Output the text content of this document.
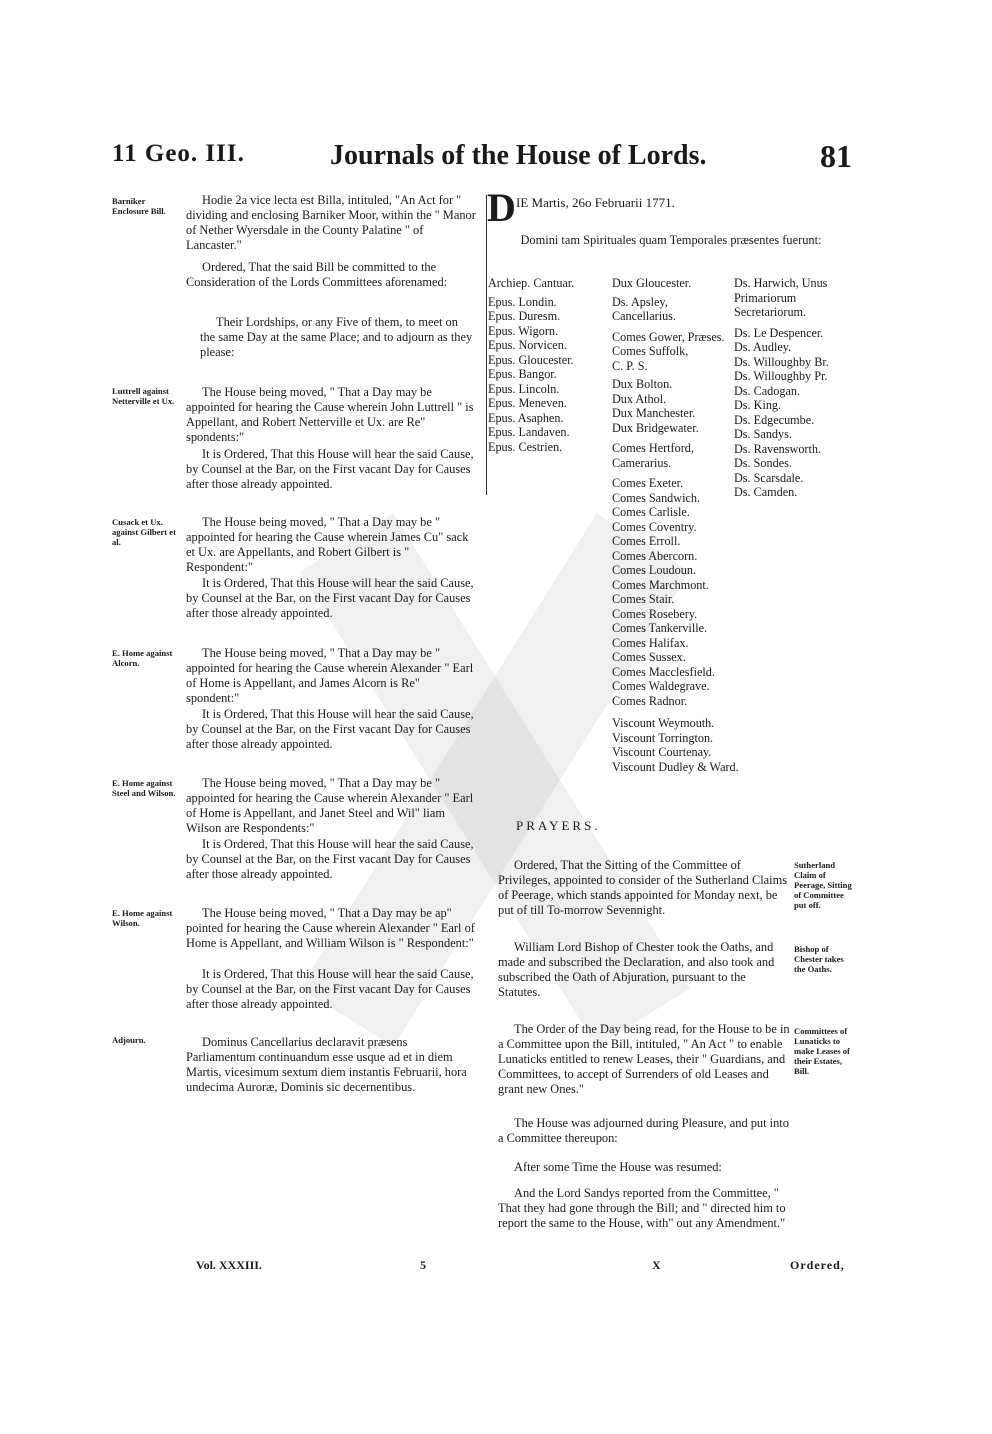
11 Geo. III.	Journals of the House of Lords.	81
Barniker Enclosure Bill.
Luttrell against Netterville et Ux.
Cusack et Ux. against Gilbert et al.
E. Home against Alcorn.
E. Home against Steel and Wilson.
E. Home against Wilson.
Adjourn.
Hodie 2a vice lecta est Billa, intituled, "An Act for " dividing and enclosing Barniker Moor, within the " Manor of Nether Wyersdale in the County Palatine " of Lancaster."
Ordered, That the said Bill be committed to the Consideration of the Lords Committees aforenamed:
Their Lordships, or any Five of them, to meet on the same Day at the same Place; and to adjourn as they please:
The House being moved, " That a Day may be appointed for hearing the Cause wherein John Luttrell " is Appellant, and Robert Netterville et Ux. are Re" spondents:"
It is Ordered, That this House will hear the said Cause, by Counsel at the Bar, on the First vacant Day for Causes after those already appointed.
The House being moved, " That a Day may be " appointed for hearing the Cause wherein James Cu" sack et Ux. are Appellants, and Robert Gilbert is " Respondent:"
It is Ordered, That this House will hear the said Cause, by Counsel at the Bar, on the First vacant Day for Causes after those already appointed.
The House being moved, " That a Day may be " appointed for hearing the Cause wherein Alexander " Earl of Home is Appellant, and James Alcorn is Re" spondent:"
It is Ordered, That this House will hear the said Cause, by Counsel at the Bar, on the First vacant Day for Causes after those already appointed.
The House being moved, " That a Day may be " appointed for hearing the Cause wherein Alexander " Earl of Home is Appellant, and Janet Steel and Wil" liam Wilson are Respondents:"
It is Ordered, That this House will hear the said Cause, by Counsel at the Bar, on the First vacant Day for Causes after those already appointed.
The House being moved, " That a Day may be ap" pointed for hearing the Cause wherein Alexander " Earl of Home is Appellant, and William Wilson is " Respondent:"
It is Ordered, That this House will hear the said Cause, by Counsel at the Bar, on the First vacant Day for Causes after those already appointed.
Dominus Cancellarius declaravit præsens Parliamentum continuandum esse usque ad et in diem Martis, vicesimum sextum diem instantis Februarii, hora undecima Auroræ, Dominis sic decernentibus.
D IE Martis, 26o Februarii 1771.
Domini tam Spirituales quam Temporales præsentes fuerunt:
Archiep. Cantuar.
Epus. Londin.
Epus. Duresm.
Epus. Wigorn.
Epus. Norvicen.
Epus. Gloucester.
Epus. Bangor.
Epus. Lincoln.
Epus. Meneven.
Epus. Asaphen.
Epus. Landaven.
Epus. Cestrien.
Dux Gloucester.
Ds. Apsley, Cancellarius.
Comes Gower, Præses.
Comes Suffolk, C. P. S.
Dux Bolton.
Dux Athol.
Dux Manchester.
Dux Bridgewater.
Comes Hertford, Camerarius.
Comes Exeter.
Comes Sandwich.
Comes Carlisle.
Comes Coventry.
Comes Erroll.
Comes Abercorn.
Comes Loudoun.
Comes Marchmont.
Comes Stair.
Comes Rosebery.
Comes Tankerville.
Comes Halifax.
Comes Sussex.
Comes Macclesfield.
Comes Waldegrave.
Comes Radnor.
Viscount Weymouth.
Viscount Torrington.
Viscount Courtenay.
Viscount Dudley & Ward.
Ds. Harwich, Unus Primariorum Secretariorum.
Ds. Le Despencer.
Ds. Audley.
Ds. Willoughby Br.
Ds. Willoughby Pr.
Ds. Cadogan.
Ds. King.
Ds. Edgecumbe.
Ds. Sandys.
Ds. Ravensworth.
Ds. Sondes.
Ds. Scarsdale.
Ds. Camden.
PRAYERS.
Ordered, That the Sitting of the Committee of Privileges, appointed to consider of the Sutherland Claims of Peerage, which stands appointed for Monday next, be put of till To-morrow Sevennight.
William Lord Bishop of Chester took the Oaths, and made and subscribed the Declaration, and also took and subscribed the Oath of Abjuration, pursuant to the Statutes.
The Order of the Day being read, for the House to be in a Committee upon the Bill, intituled, " An Act " to enable Lunaticks entitled to renew Leases, their " Guardians, and Committees, to accept of Surrenders of old Leases and grant new Ones."
The House was adjourned during Pleasure, and put into a Committee thereupon:
After some Time the House was resumed:
And the Lord Sandys reported from the Committee, " That they had gone through the Bill; and " directed him to report the same to the House, with" out any Amendment."
Sutherland Claim of Peerage, Sitting of Committee put off.
Bishop of Chester takes the Oaths.
Committees of Lunaticks to make Leases of their Estates, Bill.
Vol. XXXIII.	5	X	Ordered,
